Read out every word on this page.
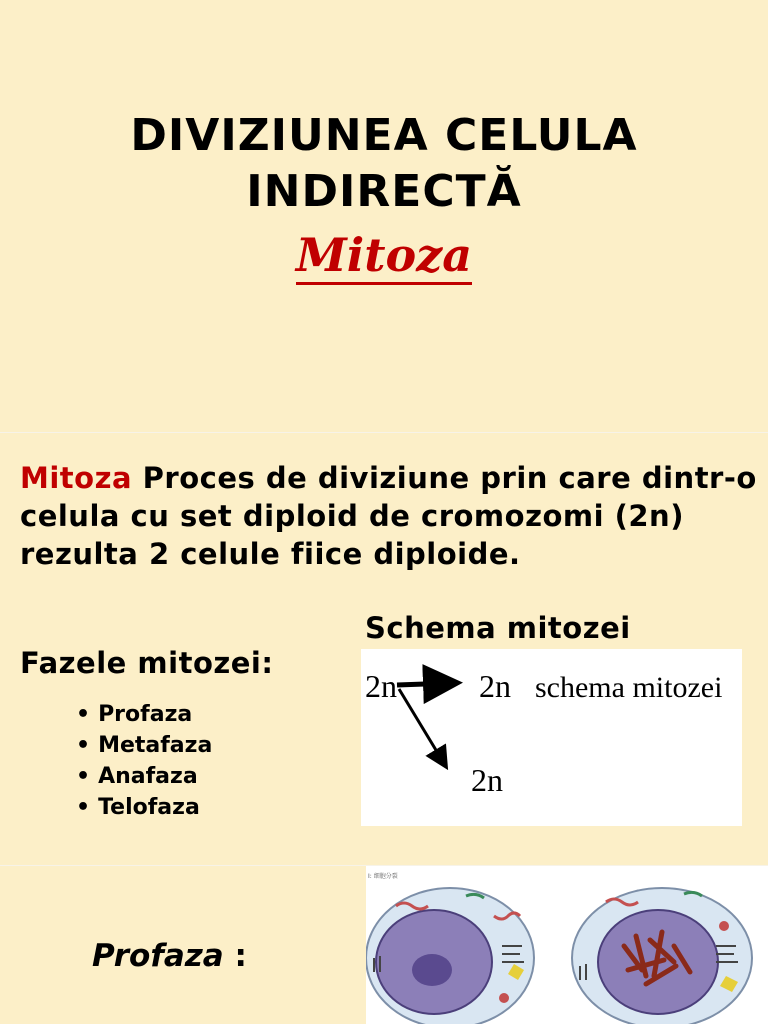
DIVIZIUNEA CELULA
INDIRECTĂ
Mitoza
Mitoza Proces de diviziune prin care dintr-o celula cu set diploid de cromozomi (2n) rezulta 2 celule fiice diploide.
Schema mitozei
Fazele mitozei:
• Profaza
• Metafaza
• Anafaza
• Telofaza
2n	2n schema mitozei
2n
Profaza :
I: 细胞分裂
